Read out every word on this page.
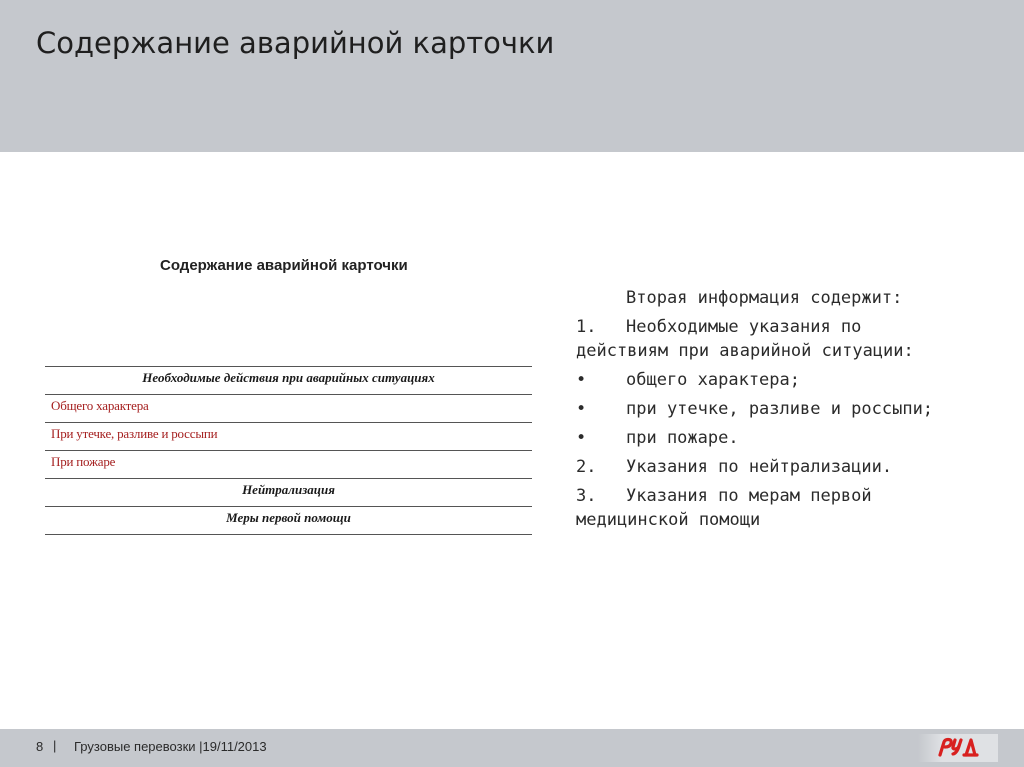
Содержание аварийной карточки
Содержание аварийной карточки
Необходимые действия при аварийных ситуациях
Общего характера
При утечке, разливе и россыпи
При пожаре
Нейтрализация
Меры первой помощи
Вторая информация содержит:
1. Необходимые указания по
действиям при аварийной ситуации:
• общего характера;
• при утечке, разливе и россыпи;
• при пожаре.
2. Указания по нейтрализации.
3. Указания по мерам первой
медицинской помощи
8 | Грузовые перевозки |19/11/2013
